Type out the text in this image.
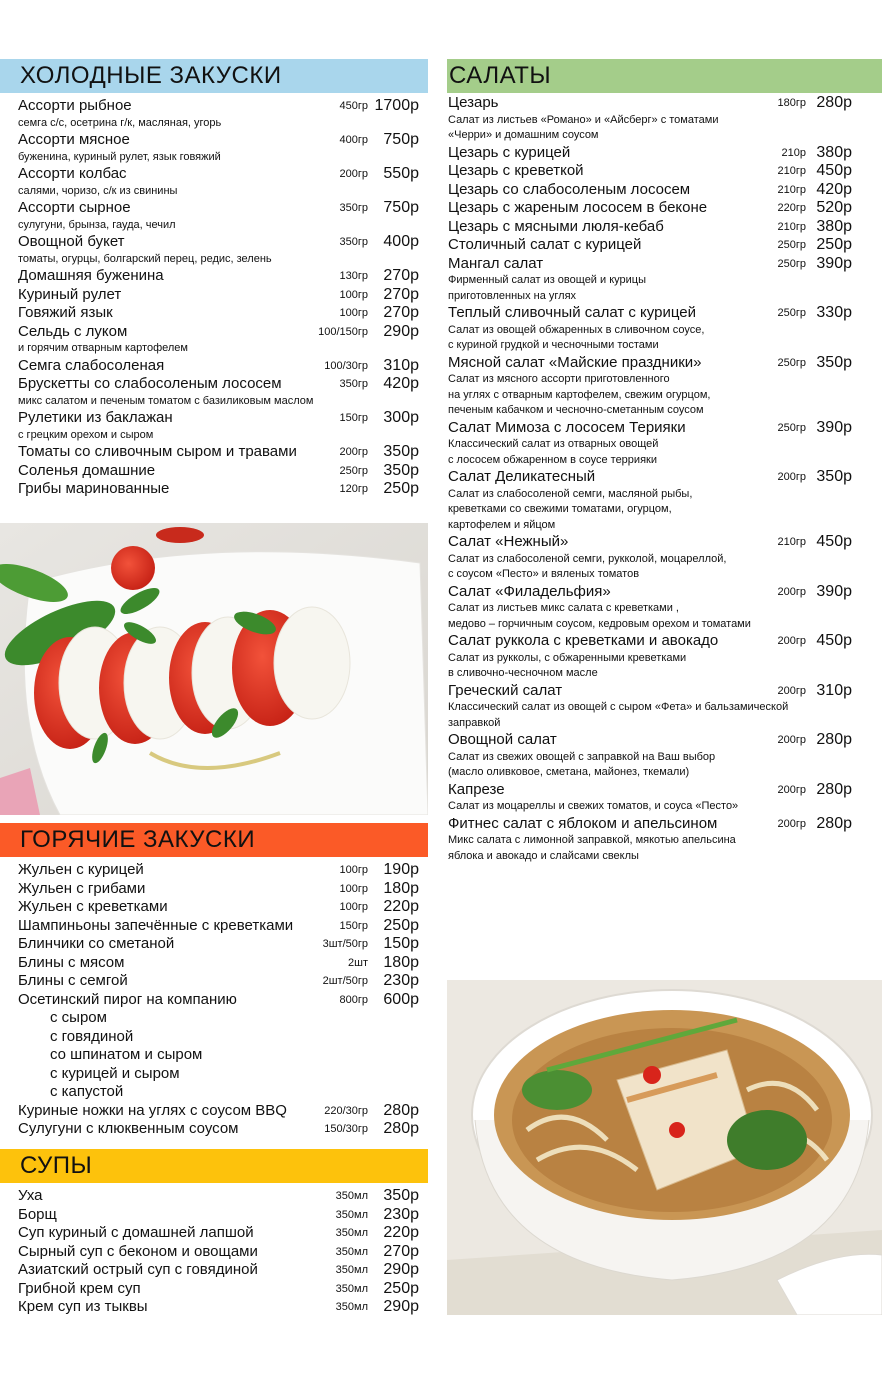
ХОЛОДНЫЕ ЗАКУСКИ
Ассорти рыбное	450гр 1700р
семга с/с, осетрина г/к, масляная, угорь
Ассорти мясное	400гр 750р
буженина, куриный рулет, язык говяжий
Ассорти колбас	200гр 550р
салями, чоризо, с/к из свинины
Ассорти сырное	350гр 750р
сулугуни, брынза, гауда, чечил
Овощной букет	350гр 400р
томаты, огурцы, болгарский перец, редис, зелень
Домашняя буженина	130гр 270р
Куриный рулет	100гр 270р
Говяжий язык	100гр 270р
Сельдь с луком	100/150гр 290р
и горячим отварным картофелем
Семга слабосоленая	100/30гр 310р
Брускетты со слабосоленым лососем	350гр 420р
микс салатом и печеным томатом с базиликовым маслом
Рулетики из баклажан	150гр 300р
с грецким орехом и сыром
Томаты со сливочным сыром и травами	200гр 350р
Соленья домашние	250гр 350р
Грибы маринованные	120гр 250р
ГОРЯЧИЕ ЗАКУСКИ
Жульен с курицей	100гр 190р
Жульен с грибами	100гр 180р
Жульен с креветками	100гр 220р
Шампиньоны запечённые с креветками	150гр 250р
Блинчики со сметаной	3шт/50гр 150р
Блины с мясом	2шт 180р
Блины с семгой	2шт/50гр 230р
Осетинский пирог на компанию	800гр 600р
с сыром
с говядиной
со шпинатом и сыром
с курицей и сыром
с капустой
Куриные ножки на углях с соусом BBQ	220/30гр 280р
Сулугуни с клюквенным соусом	150/30гр 280р
СУПЫ
Уха	350мл 350р
Борщ	350мл 230р
Суп куриный с домашней лапшой	350мл 220р
Сырный суп с беконом и овощами	350мл 270р
Азиатский острый суп с говядиной	350мл 290р
Грибной крем суп	350мл 250р
Крем суп из тыквы	350мл 290р
САЛАТЫ
Цезарь	180гр 280р
Салат из листьев «Романо» и «Айсберг» с томатами
«Черри» и домашним соусом
Цезарь с курицей	210р 380р
Цезарь с креветкой	210гр 450р
Цезарь со слабосоленым лососем	210гр 420р
Цезарь с жареным лососем в беконе	220гр 520р
Цезарь с мясными люля-кебаб	210гр 380р
Столичный салат с курицей	250гр 250р
Мангал салат	250гр 390р
Фирменный салат из овощей и курицы
приготовленных на углях
Теплый сливочный салат с курицей	250гр 330р
Салат из овощей обжаренных в сливочном соусе,
с куриной грудкой и чесночными тостами
Мясной салат «Майские праздники»	250гр 350р
Салат из мясного ассорти приготовленного
на углях с отварным картофелем, свежим огурцом,
печеным кабачком и чесночно-сметанным соусом
Салат Мимоза с лососем Терияки	250гр 390р
Классический салат из отварных овощей
с лососем обжаренном в соусе террияки
Салат Деликатесный	200гр 350р
Салат из слабосоленой семги, масляной рыбы,
креветками со свежими томатами, огурцом,
картофелем и яйцом
Салат «Нежный»	210гр 450р
Салат из слабосоленой семги, рукколой, моцареллой,
с соусом «Песто» и вяленых томатов
Салат «Филадельфия»	200гр 390р
Салат из листьев микс салата с креветками ,
медово – горчичным соусом, кедровым орехом и томатами
Салат руккола с креветками и авокадо	200гр 450р
Салат из рукколы, с обжаренными креветками
в сливочно-чесночном масле
Греческий салат	200гр 310р
Классический салат из овощей с сыром «Фета» и бальзамической
заправкой
Овощной салат	200гр 280р
Салат из свежих овощей с заправкой на Ваш выбор
(масло оливковое, сметана, майонез, ткемали)
Капрезе	200гр 280р
Салат из моцареллы и свежих томатов, и соуса «Песто»
Фитнес салат с яблоком и апельсином	200гр 280р
Микс салата с лимонной заправкой, мякотью апельсина
яблока и авокадо и слайсами свеклы
